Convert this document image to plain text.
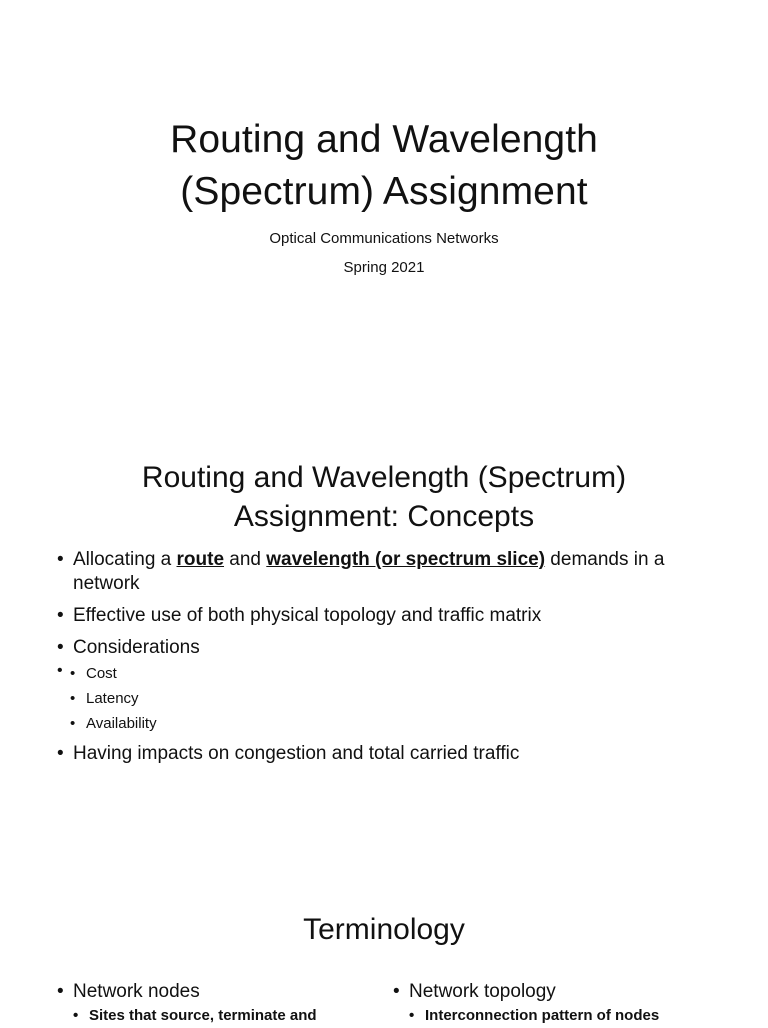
Routing and Wavelength
(Spectrum) Assignment
Optical Communications Networks
Spring 2021
Routing and Wavelength (Spectrum)
Assignment: Concepts
• Allocating a route and wavelength (or spectrum slice) demands in a network
• Effective use of both physical topology and traffic matrix
• Considerations
• • Cost
• Latency
• Availability
• Having impacts on congestion and total carried traffic
Terminology
• Network nodes
• Sites that source, terminate and
• Network topology
• Interconnection pattern of nodes
